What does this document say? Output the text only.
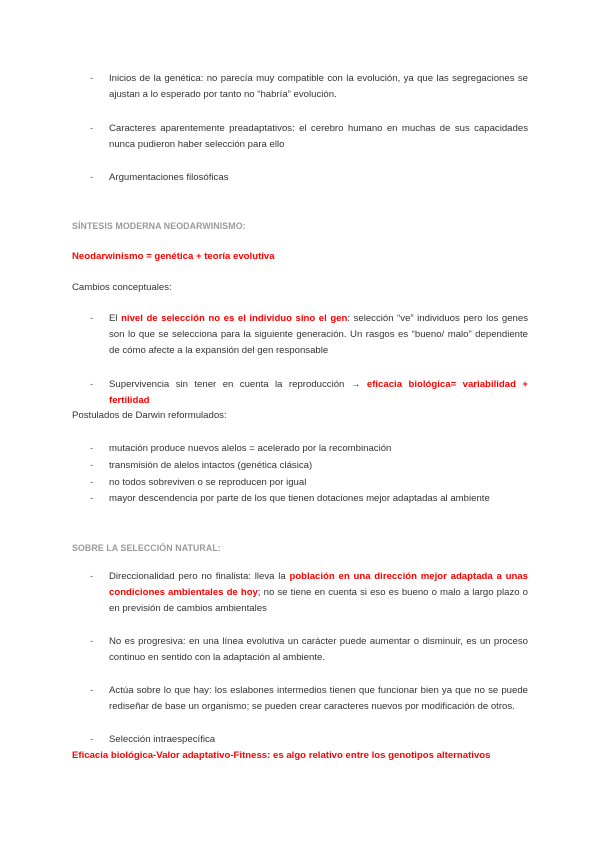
-	Inicios de la genética: no parecía muy compatible con la evolución, ya que las segregaciones se ajustan a lo esperado por tanto no “habría” evolución.
-	Caracteres aparentemente preadaptativos: el cerebro humano en muchas de sus capacidades nunca pudieron haber selección para ello
-	Argumentaciones filosóficas
SÍNTESIS MODERNA NEODARWINISMO:
Neodarwinismo = genética + teoría evolutiva
Cambios conceptuales:
-	El nivel de selección no es el individuo sino el gen: selección “ve” individuos pero los genes son lo que se selecciona para la siguiente generación. Un rasgos es “bueno/ malo” dependiente de cómo afecte a la expansión del gen responsable
-	Supervivencia sin tener en cuenta la reproducción → eficacia biológica= variabilidad + fertilidad
Postulados de Darwin reformulados:
-	mutación produce nuevos alelos = acelerado por la recombinación
-	transmisión de alelos intactos (genética clásica)
-	no todos sobreviven o se reproducen por igual
-	mayor descendencia por parte de los que tienen dotaciones mejor adaptadas al ambiente
SOBRE LA SELECCIÓN NATURAL:
-	Direccionalidad pero no finalista: lleva la población en una dirección mejor adaptada a unas condiciones ambientales de hoy; no se tiene en cuenta si eso es bueno o malo a largo plazo o en previsión de cambios ambientales
-	No es progresiva: en una línea evolutiva un carácter puede aumentar o disminuir, es un proceso continuo en sentido con la adaptación al ambiente.
-	Actúa sobre lo que hay: los eslabones intermedios tienen que funcionar bien ya que no se puede rediseñar de base un organismo; se pueden crear caracteres nuevos por modificación de otros.
-	Selección intraespecífica
Eficacia biológica-Valor adaptativo-Fitness: es algo relativo entre los genotipos alternativos
